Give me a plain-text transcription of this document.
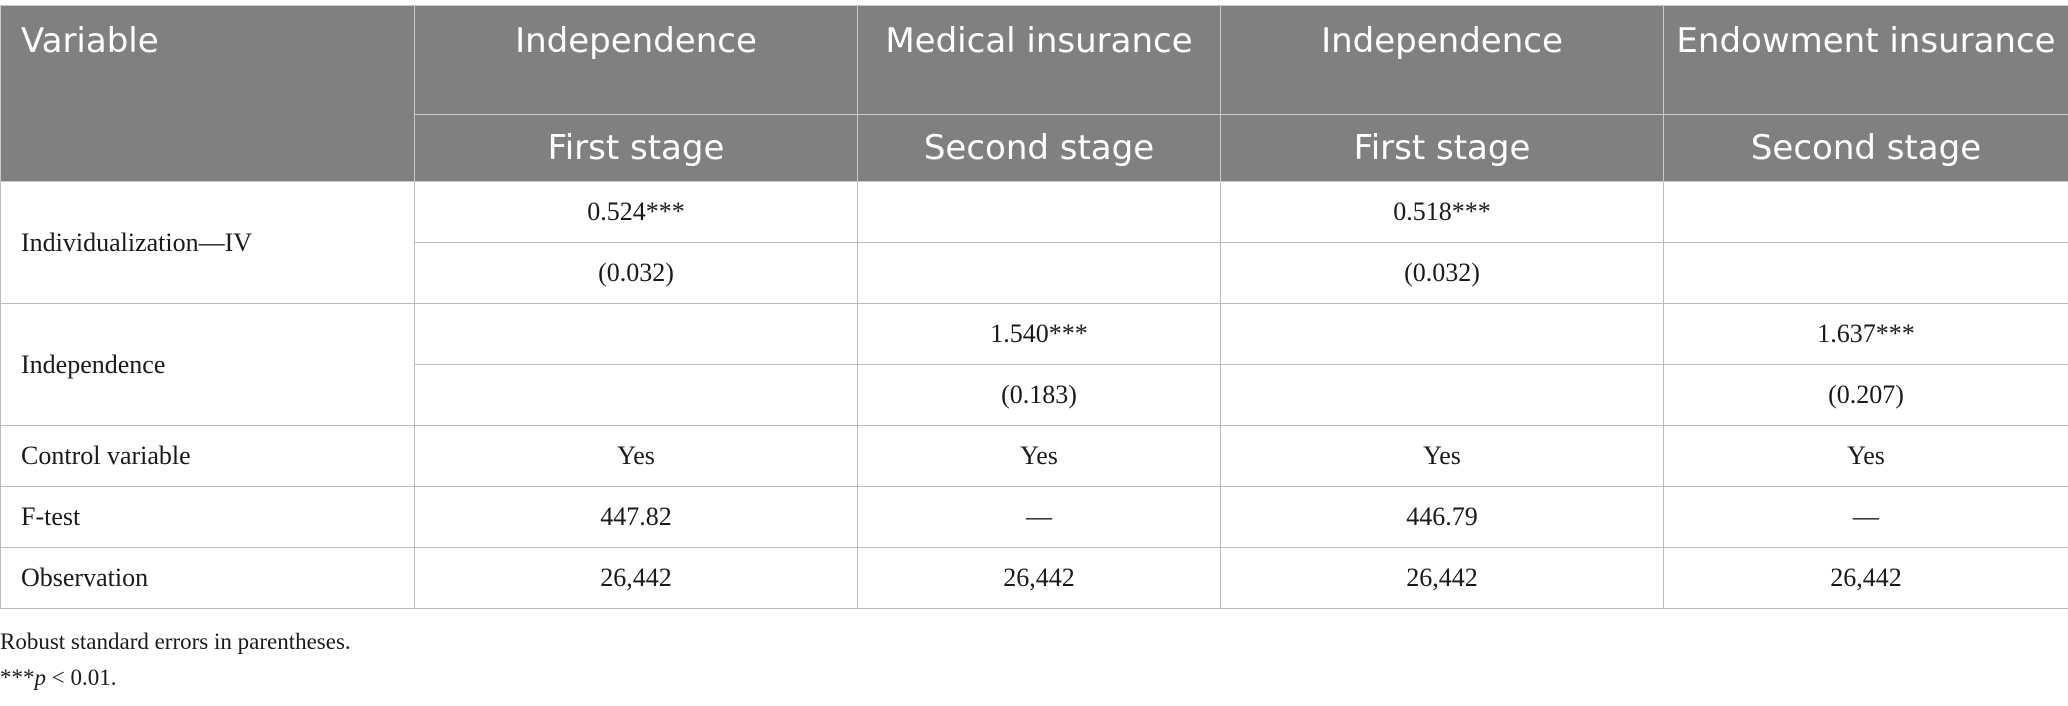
Variable	Independence	Medical insurance	Independence	Endowment insurance
	First stage	Second stage	First stage	Second stage
Individualization—IV	0.524***		0.518***	
	(0.032)		(0.032)	
Independence		1.540***		1.637***
		(0.183)		(0.207)
Control variable	Yes	Yes	Yes	Yes
F-test	447.82	—	446.79	—
Observation	26,442	26,442	26,442	26,442
Robust standard errors in parentheses.
***p < 0.01.
